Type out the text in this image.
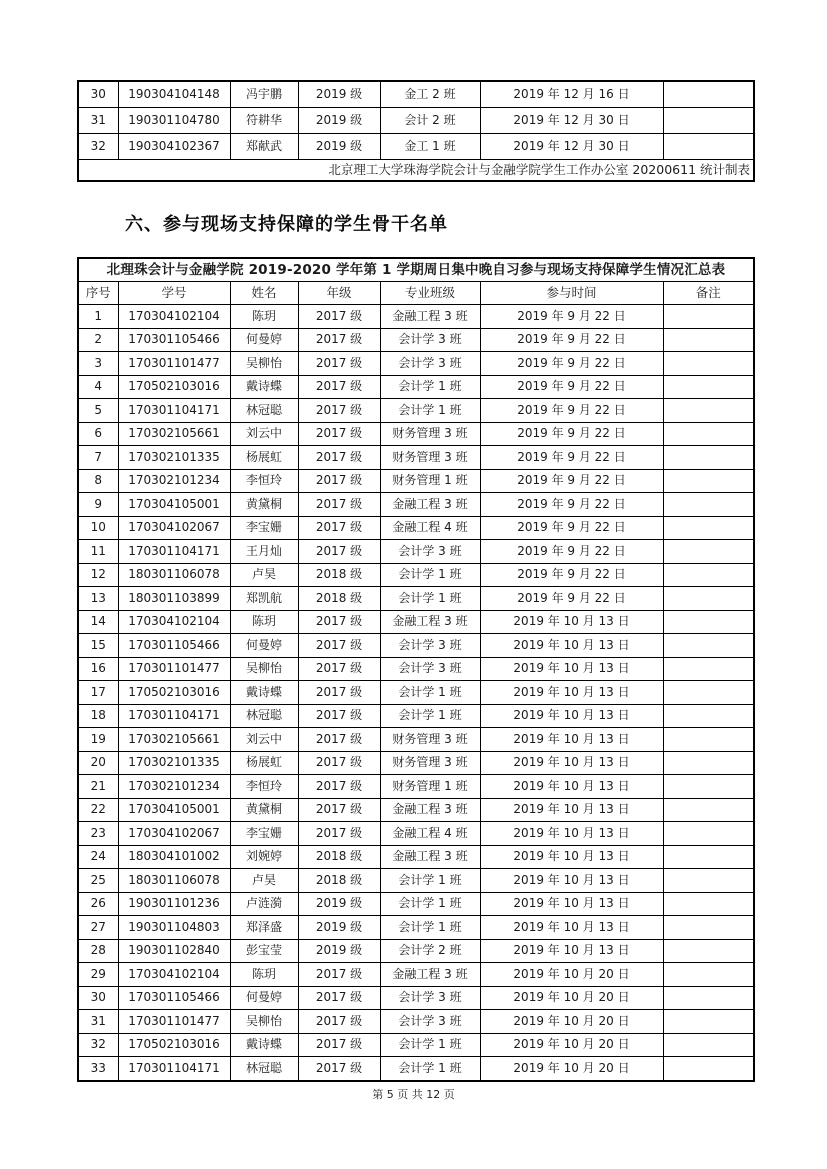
30	190304104148	冯宇鹏	2019 级	金工 2 班	2019 年 12 月 16 日	
31	190301104780	符耕华	2019 级	会计 2 班	2019 年 12 月 30 日	
32	190304102367	郑献武	2019 级	金工 1 班	2019 年 12 月 30 日	
北京理工大学珠海学院会计与金融学院学生工作办公室 20200611 统计制表						
六、参与现场支持保障的学生骨干名单
北理珠会计与金融学院 2019-2020 学年第 1 学期周日集中晚自习参与现场支持保障学生情况汇总表						
序号	学号	姓名	年级	专业班级	参与时间	备注
1	170304102104	陈玥	2017 级	金融工程 3 班	2019 年 9 月 22 日	
2	170301105466	何曼婷	2017 级	会计学 3 班	2019 年 9 月 22 日	
3	170301101477	吴柳怡	2017 级	会计学 3 班	2019 年 9 月 22 日	
4	170502103016	戴诗蝶	2017 级	会计学 1 班	2019 年 9 月 22 日	
5	170301104171	林冠聪	2017 级	会计学 1 班	2019 年 9 月 22 日	
6	170302105661	刘云中	2017 级	财务管理 3 班	2019 年 9 月 22 日	
7	170302101335	杨展虹	2017 级	财务管理 3 班	2019 年 9 月 22 日	
8	170302101234	李恒玲	2017 级	财务管理 1 班	2019 年 9 月 22 日	
9	170304105001	黄黛桐	2017 级	金融工程 3 班	2019 年 9 月 22 日	
10	170304102067	李宝姗	2017 级	金融工程 4 班	2019 年 9 月 22 日	
11	170301104171	王月灿	2017 级	会计学 3 班	2019 年 9 月 22 日	
12	180301106078	卢昊	2018 级	会计学 1 班	2019 年 9 月 22 日	
13	180301103899	郑凯航	2018 级	会计学 1 班	2019 年 9 月 22 日	
14	170304102104	陈玥	2017 级	金融工程 3 班	2019 年 10 月 13 日	
15	170301105466	何曼婷	2017 级	会计学 3 班	2019 年 10 月 13 日	
16	170301101477	吴柳怡	2017 级	会计学 3 班	2019 年 10 月 13 日	
17	170502103016	戴诗蝶	2017 级	会计学 1 班	2019 年 10 月 13 日	
18	170301104171	林冠聪	2017 级	会计学 1 班	2019 年 10 月 13 日	
19	170302105661	刘云中	2017 级	财务管理 3 班	2019 年 10 月 13 日	
20	170302101335	杨展虹	2017 级	财务管理 3 班	2019 年 10 月 13 日	
21	170302101234	李恒玲	2017 级	财务管理 1 班	2019 年 10 月 13 日	
22	170304105001	黄黛桐	2017 级	金融工程 3 班	2019 年 10 月 13 日	
23	170304102067	李宝姗	2017 级	金融工程 4 班	2019 年 10 月 13 日	
24	180304101002	刘婉婷	2018 级	金融工程 3 班	2019 年 10 月 13 日	
25	180301106078	卢昊	2018 级	会计学 1 班	2019 年 10 月 13 日	
26	190301101236	卢涟漪	2019 级	会计学 1 班	2019 年 10 月 13 日	
27	190301104803	郑泽盛	2019 级	会计学 1 班	2019 年 10 月 13 日	
28	190301102840	彭宝莹	2019 级	会计学 2 班	2019 年 10 月 13 日	
29	170304102104	陈玥	2017 级	金融工程 3 班	2019 年 10 月 20 日	
30	170301105466	何曼婷	2017 级	会计学 3 班	2019 年 10 月 20 日	
31	170301101477	吴柳怡	2017 级	会计学 3 班	2019 年 10 月 20 日	
32	170502103016	戴诗蝶	2017 级	会计学 1 班	2019 年 10 月 20 日	
33	170301104171	林冠聪	2017 级	会计学 1 班	2019 年 10 月 20 日	
第 5 页 共 12 页
